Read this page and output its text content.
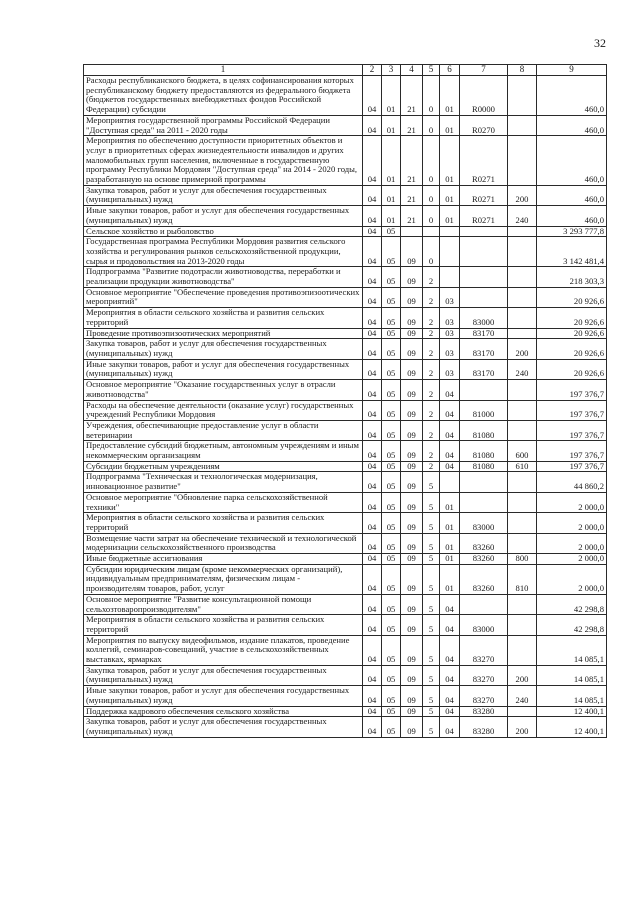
32
1	2	3	4	5	6	7	8	9
Расходы республиканского бюджета, в целях софинансирования которых республиканскому бюджету предоставляются из федерального бюджета (бюджетов государственных внебюджетных фондов Российской Федерации) субсидии	04	01	21	0	01	R0000		460,0
Мероприятия государственной программы Российской Федерации "Доступная среда" на 2011 - 2020 годы	04	01	21	0	01	R0270		460,0
Мероприятия по обеспечению доступности приоритетных объектов и услуг в приоритетных сферах жизнедеятельности инвалидов и других маломобильных групп населения, включенные в государственную программу Республики Мордовия "Доступная среда" на 2014 - 2020 годы, разработанную на основе примерной программы	04	01	21	0	01	R0271		460,0
Закупка товаров, работ и услуг для обеспечения государственных (муниципальных) нужд	04	01	21	0	01	R0271	200	460,0
Иные закупки товаров, работ и услуг для обеспечения государственных (муниципальных) нужд	04	01	21	0	01	R0271	240	460,0
Сельское хозяйство и рыболовство	04	05						3 293 777,8
Государственная программа Республики Мордовия развития сельского хозяйства и регулирования рынков сельскохозяйственной продукции, сырья и продовольствия на 2013-2020 годы	04	05	09	0				3 142 481,4
Подпрограмма "Развитие подотрасли животноводства, переработки и реализации продукции животноводства"	04	05	09	2				218 303,3
Основное мероприятие "Обеспечение проведения противоэпизоотических мероприятий"	04	05	09	2	03			20 926,6
Мероприятия в области сельского хозяйства и развития сельских территорий	04	05	09	2	03	83000		20 926,6
Проведение противоэпизоотических мероприятий	04	05	09	2	03	83170		20 926,6
Закупка товаров, работ и услуг для обеспечения государственных (муниципальных) нужд	04	05	09	2	03	83170	200	20 926,6
Иные закупки товаров, работ и услуг для обеспечения государственных (муниципальных) нужд	04	05	09	2	03	83170	240	20 926,6
Основное мероприятие "Оказание государственных услуг в отрасли животноводства"	04	05	09	2	04			197 376,7
Расходы на обеспечение деятельности (оказание услуг) государственных учреждений Республики Мордовия	04	05	09	2	04	81000		197 376,7
Учреждения, обеспечивающие предоставление услуг в области ветеринарии	04	05	09	2	04	81080		197 376,7
Предоставление субсидий бюджетным, автономным учреждениям и иным некоммерческим организациям	04	05	09	2	04	81080	600	197 376,7
Субсидии бюджетным учреждениям	04	05	09	2	04	81080	610	197 376,7
Подпрограмма "Техническая и технологическая модернизация, инновационное развитие"	04	05	09	5				44 860,2
Основное мероприятие "Обновление парка сельскохозяйственной техники"	04	05	09	5	01			2 000,0
Мероприятия в области сельского хозяйства и развития сельских территорий	04	05	09	5	01	83000		2 000,0
Возмещение части затрат на обеспечение технической и технологической модернизации сельскохозяйственного производства	04	05	09	5	01	83260		2 000,0
Иные бюджетные ассигнования	04	05	09	5	01	83260	800	2 000,0
Субсидии юридическим лицам (кроме некоммерческих организаций), индивидуальным предпринимателям, физическим лицам - производителям товаров, работ, услуг	04	05	09	5	01	83260	810	2 000,0
Основное мероприятие "Развитие консультационной помощи сельхозтоваропроизводителям"	04	05	09	5	04			42 298,8
Мероприятия в области сельского хозяйства и развития сельских территорий	04	05	09	5	04	83000		42 298,8
Мероприятия по выпуску видеофильмов, издание плакатов, проведение коллегий, семинаров-совещаний, участие в сельскохозяйственных выставках, ярмарках	04	05	09	5	04	83270		14 085,1
Закупка товаров, работ и услуг для обеспечения государственных (муниципальных) нужд	04	05	09	5	04	83270	200	14 085,1
Иные закупки товаров, работ и услуг для обеспечения государственных (муниципальных) нужд	04	05	09	5	04	83270	240	14 085,1
Поддержка кадрового обеспечения сельского хозяйства	04	05	09	5	04	83280		12 400,1
Закупка товаров, работ и услуг для обеспечения государственных (муниципальных) нужд	04	05	09	5	04	83280	200	12 400,1
